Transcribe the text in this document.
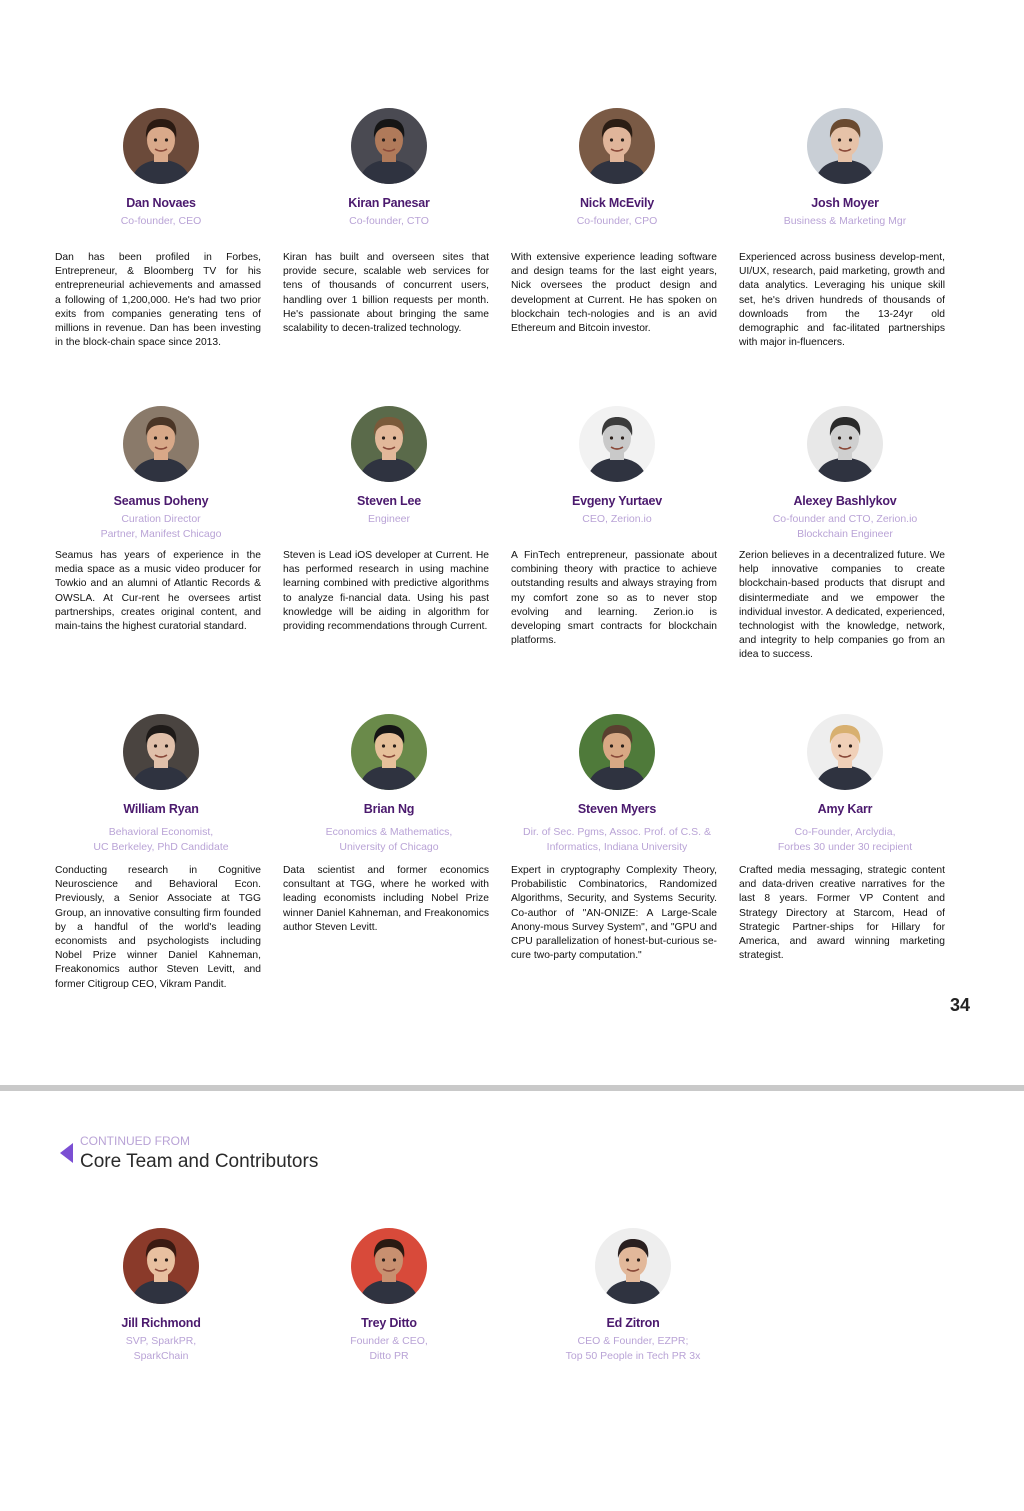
Dan Novaes
Co-founder, CEO
Dan has been profiled in Forbes, Entrepreneur, & Bloomberg TV for his entrepreneurial achievements and amassed a following of 1,200,000. He's had two prior exits from companies generating tens of millions in revenue. Dan has been investing in the block-chain space since 2013.
Kiran Panesar
Co-founder, CTO
Kiran has built and overseen sites that provide secure, scalable web services for tens of thousands of concurrent users, handling over 1 billion requests per month. He's passionate about bringing the same scalability to decen-tralized technology.
Nick McEvily
Co-founder, CPO
With extensive experience leading software and design teams for the last eight years, Nick oversees the product design and development at Current. He has spoken on blockchain tech-nologies and is an avid Ethereum and Bitcoin investor.
Josh Moyer
Business & Marketing Mgr
Experienced across business develop-ment, UI/UX, research, paid marketing, growth and data analytics. Leveraging his unique skill set, he's driven hundreds of thousands of downloads from the 13-24yr old demographic and fac-ilitated partnerships with major in-fluencers.
Seamus Doheny
Curation Director
Partner, Manifest Chicago
Seamus has years of experience in the media space as a music video producer for Towkio and an alumni of Atlantic Records & OWSLA. At Cur-rent he oversees artist partnerships, creates original content, and main-tains the highest curatorial standard.
Steven Lee
Engineer
Steven is Lead iOS developer at Current. He has performed research in using machine learning combined with predictive algorithms to analyze fi-nancial data. Using his past knowledge will be aiding in algorithm for providing recommendations through Current.
Evgeny Yurtaev
CEO, Zerion.io
A FinTech entrepreneur, passionate about combining theory with practice to achieve outstanding results and always straying from my comfort zone so as to never stop evolving and learning. Zerion.io is developing smart contracts for blockchain platforms.
Alexey Bashlykov
Co-founder and CTO, Zerion.io
Blockchain Engineer
Zerion believes in a decentralized future. We help innovative companies to create blockchain-based products that disrupt and disintermediate and we empower the individual investor. A dedicated, experienced, technologist with the knowledge, network, and integrity to help companies go from an idea to success.
William Ryan
Behavioral Economist,
UC Berkeley, PhD Candidate
Conducting research in Cognitive Neuroscience and Behavioral Econ. Previously, a Senior Associate at TGG Group, an innovative consulting firm founded by a handful of the world's leading economists and psychologists including Nobel Prize winner Daniel Kahneman, Freakonomics author Steven Levitt, and former Citigroup CEO, Vikram Pandit.
Brian Ng
Economics & Mathematics,
University of Chicago
Data scientist and former economics consultant at TGG, where he worked with leading economists including Nobel Prize winner Daniel Kahneman, and Freakonomics author Steven Levitt.
Steven Myers
Dir. of Sec. Pgms, Assoc. Prof. of C.S. &
Informatics, Indiana University
Expert in cryptography Complexity Theory, Probabilistic Combinatorics, Randomized Algorithms, Security, and Systems Security. Co-author of "AN-ONIZE: A Large-Scale Anony-mous Survey System", and "GPU and CPU parallelization of honest-but-curious se-cure two-party computation."
Amy Karr
Co-Founder, Arclydia,
Forbes 30 under 30 recipient
Crafted media messaging, strategic content and data-driven creative narratives for the last 8 years. Former VP Content and Strategy Directory at Starcom, Head of Strategic Partner-ships for Hillary for America, and award winning marketing strategist.
34
CONTINUED FROM
Core Team and Contributors
Jill Richmond
SVP, SparkPR,
SparkChain
Trey Ditto
Founder & CEO,
Ditto PR
Ed Zitron
CEO & Founder, EZPR;
Top 50 People in Tech PR 3x
